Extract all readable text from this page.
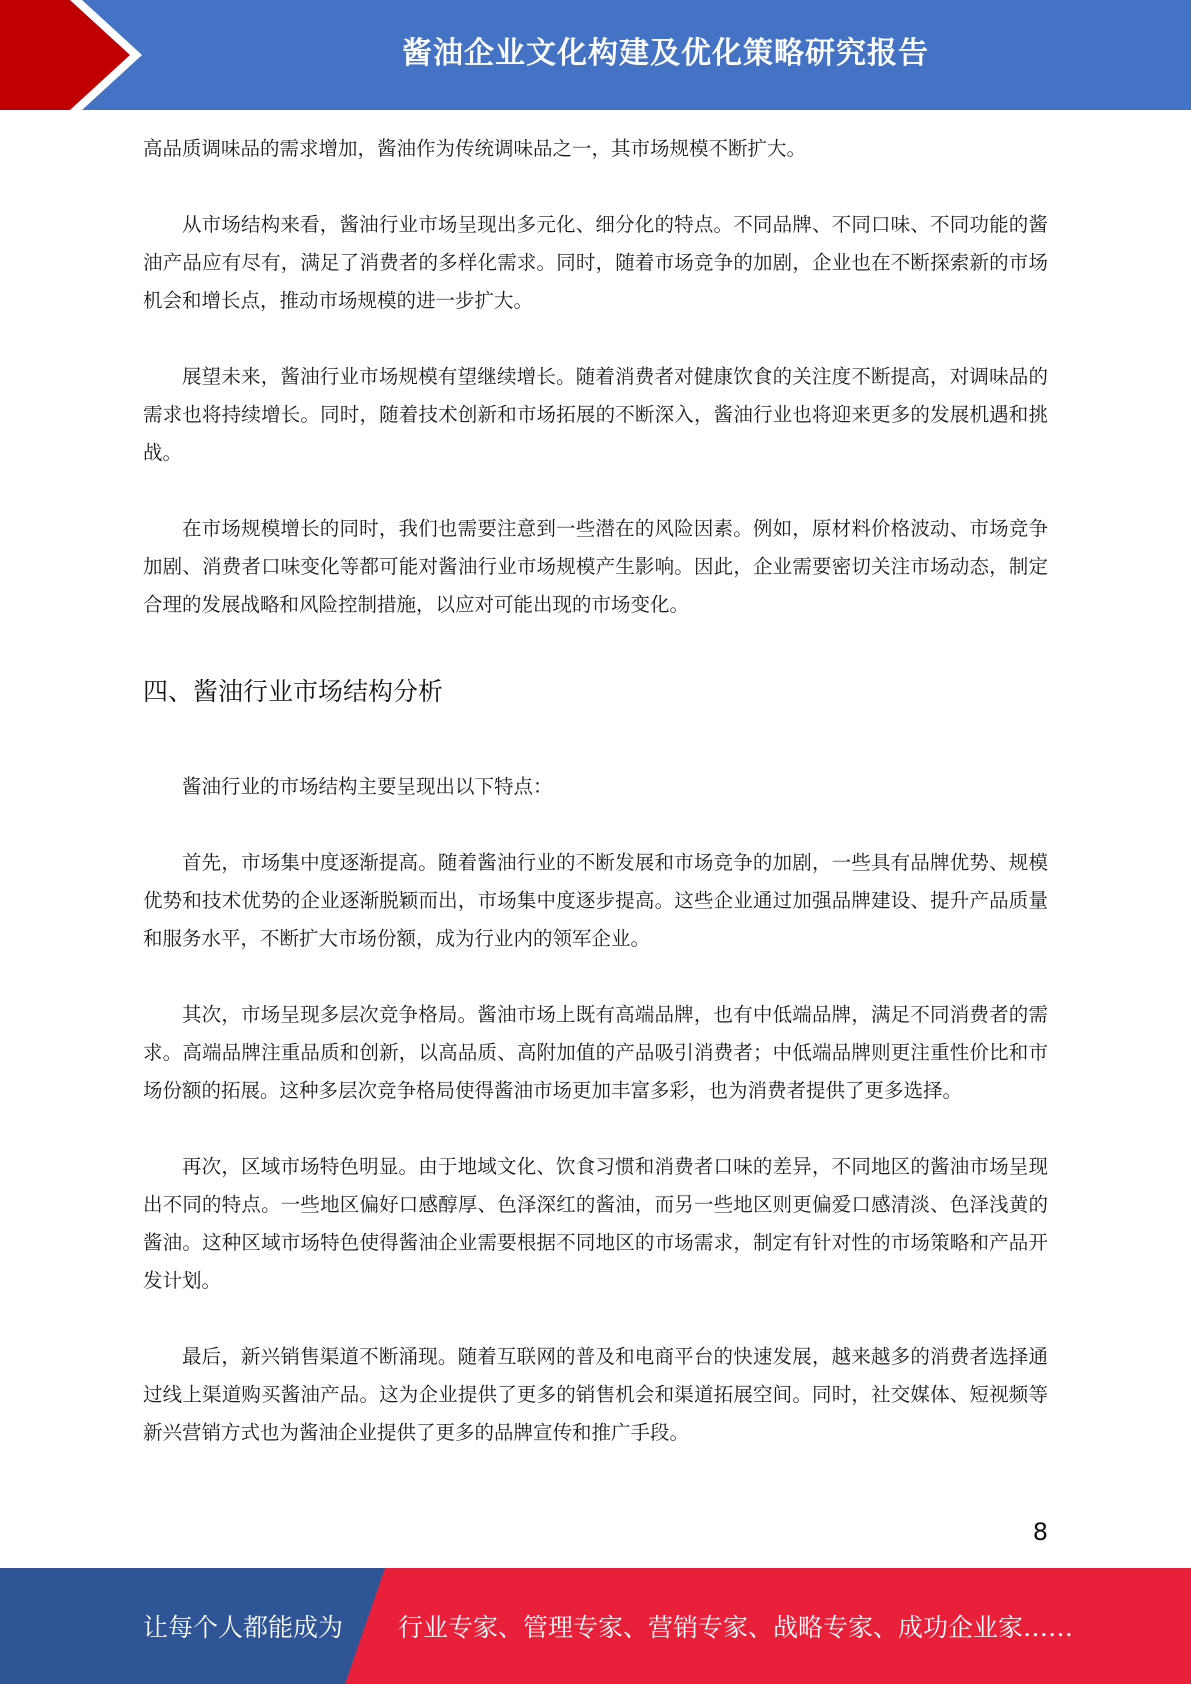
酱油企业文化构建及优化策略研究报告

高品质调味品的需求增加，酱油作为传统调味品之一，其市场规模不断扩大。

从市场结构来看，酱油行业市场呈现出多元化、细分化的特点。不同品牌、不同口味、不同功能的酱油产品应有尽有，满足了消费者的多样化需求。同时，随着市场竞争的加剧，企业也在不断探索新的市场机会和增长点，推动市场规模的进一步扩大。

展望未来，酱油行业市场规模有望继续增长。随着消费者对健康饮食的关注度不断提高，对调味品的需求也将持续增长。同时，随着技术创新和市场拓展的不断深入，酱油行业也将迎来更多的发展机遇和挑战。

在市场规模增长的同时，我们也需要注意到一些潜在的风险因素。例如，原材料价格波动、市场竞争加剧、消费者口味变化等都可能对酱油行业市场规模产生影响。因此，企业需要密切关注市场动态，制定合理的发展战略和风险控制措施，以应对可能出现的市场变化。

四、酱油行业市场结构分析

酱油行业的市场结构主要呈现出以下特点：

首先，市场集中度逐渐提高。随着酱油行业的不断发展和市场竞争的加剧，一些具有品牌优势、规模优势和技术优势的企业逐渐脱颖而出，市场集中度逐步提高。这些企业通过加强品牌建设、提升产品质量和服务水平，不断扩大市场份额，成为行业内的领军企业。

其次，市场呈现多层次竞争格局。酱油市场上既有高端品牌，也有中低端品牌，满足不同消费者的需求。高端品牌注重品质和创新，以高品质、高附加值的产品吸引消费者；中低端品牌则更注重性价比和市场份额的拓展。这种多层次竞争格局使得酱油市场更加丰富多彩，也为消费者提供了更多选择。

再次，区域市场特色明显。由于地域文化、饮食习惯和消费者口味的差异，不同地区的酱油市场呈现出不同的特点。一些地区偏好口感醇厚、色泽深红的酱油，而另一些地区则更偏爱口感清淡、色泽浅黄的酱油。这种区域市场特色使得酱油企业需要根据不同地区的市场需求，制定有针对性的市场策略和产品开发计划。

最后，新兴销售渠道不断涌现。随着互联网的普及和电商平台的快速发展，越来越多的消费者选择通过线上渠道购买酱油产品。这为企业提供了更多的销售机会和渠道拓展空间。同时，社交媒体、短视频等新兴营销方式也为酱油企业提供了更多的品牌宣传和推广手段。

8
让每个人都能成为 行业专家、管理专家、营销专家、战略专家、成功企业家……
